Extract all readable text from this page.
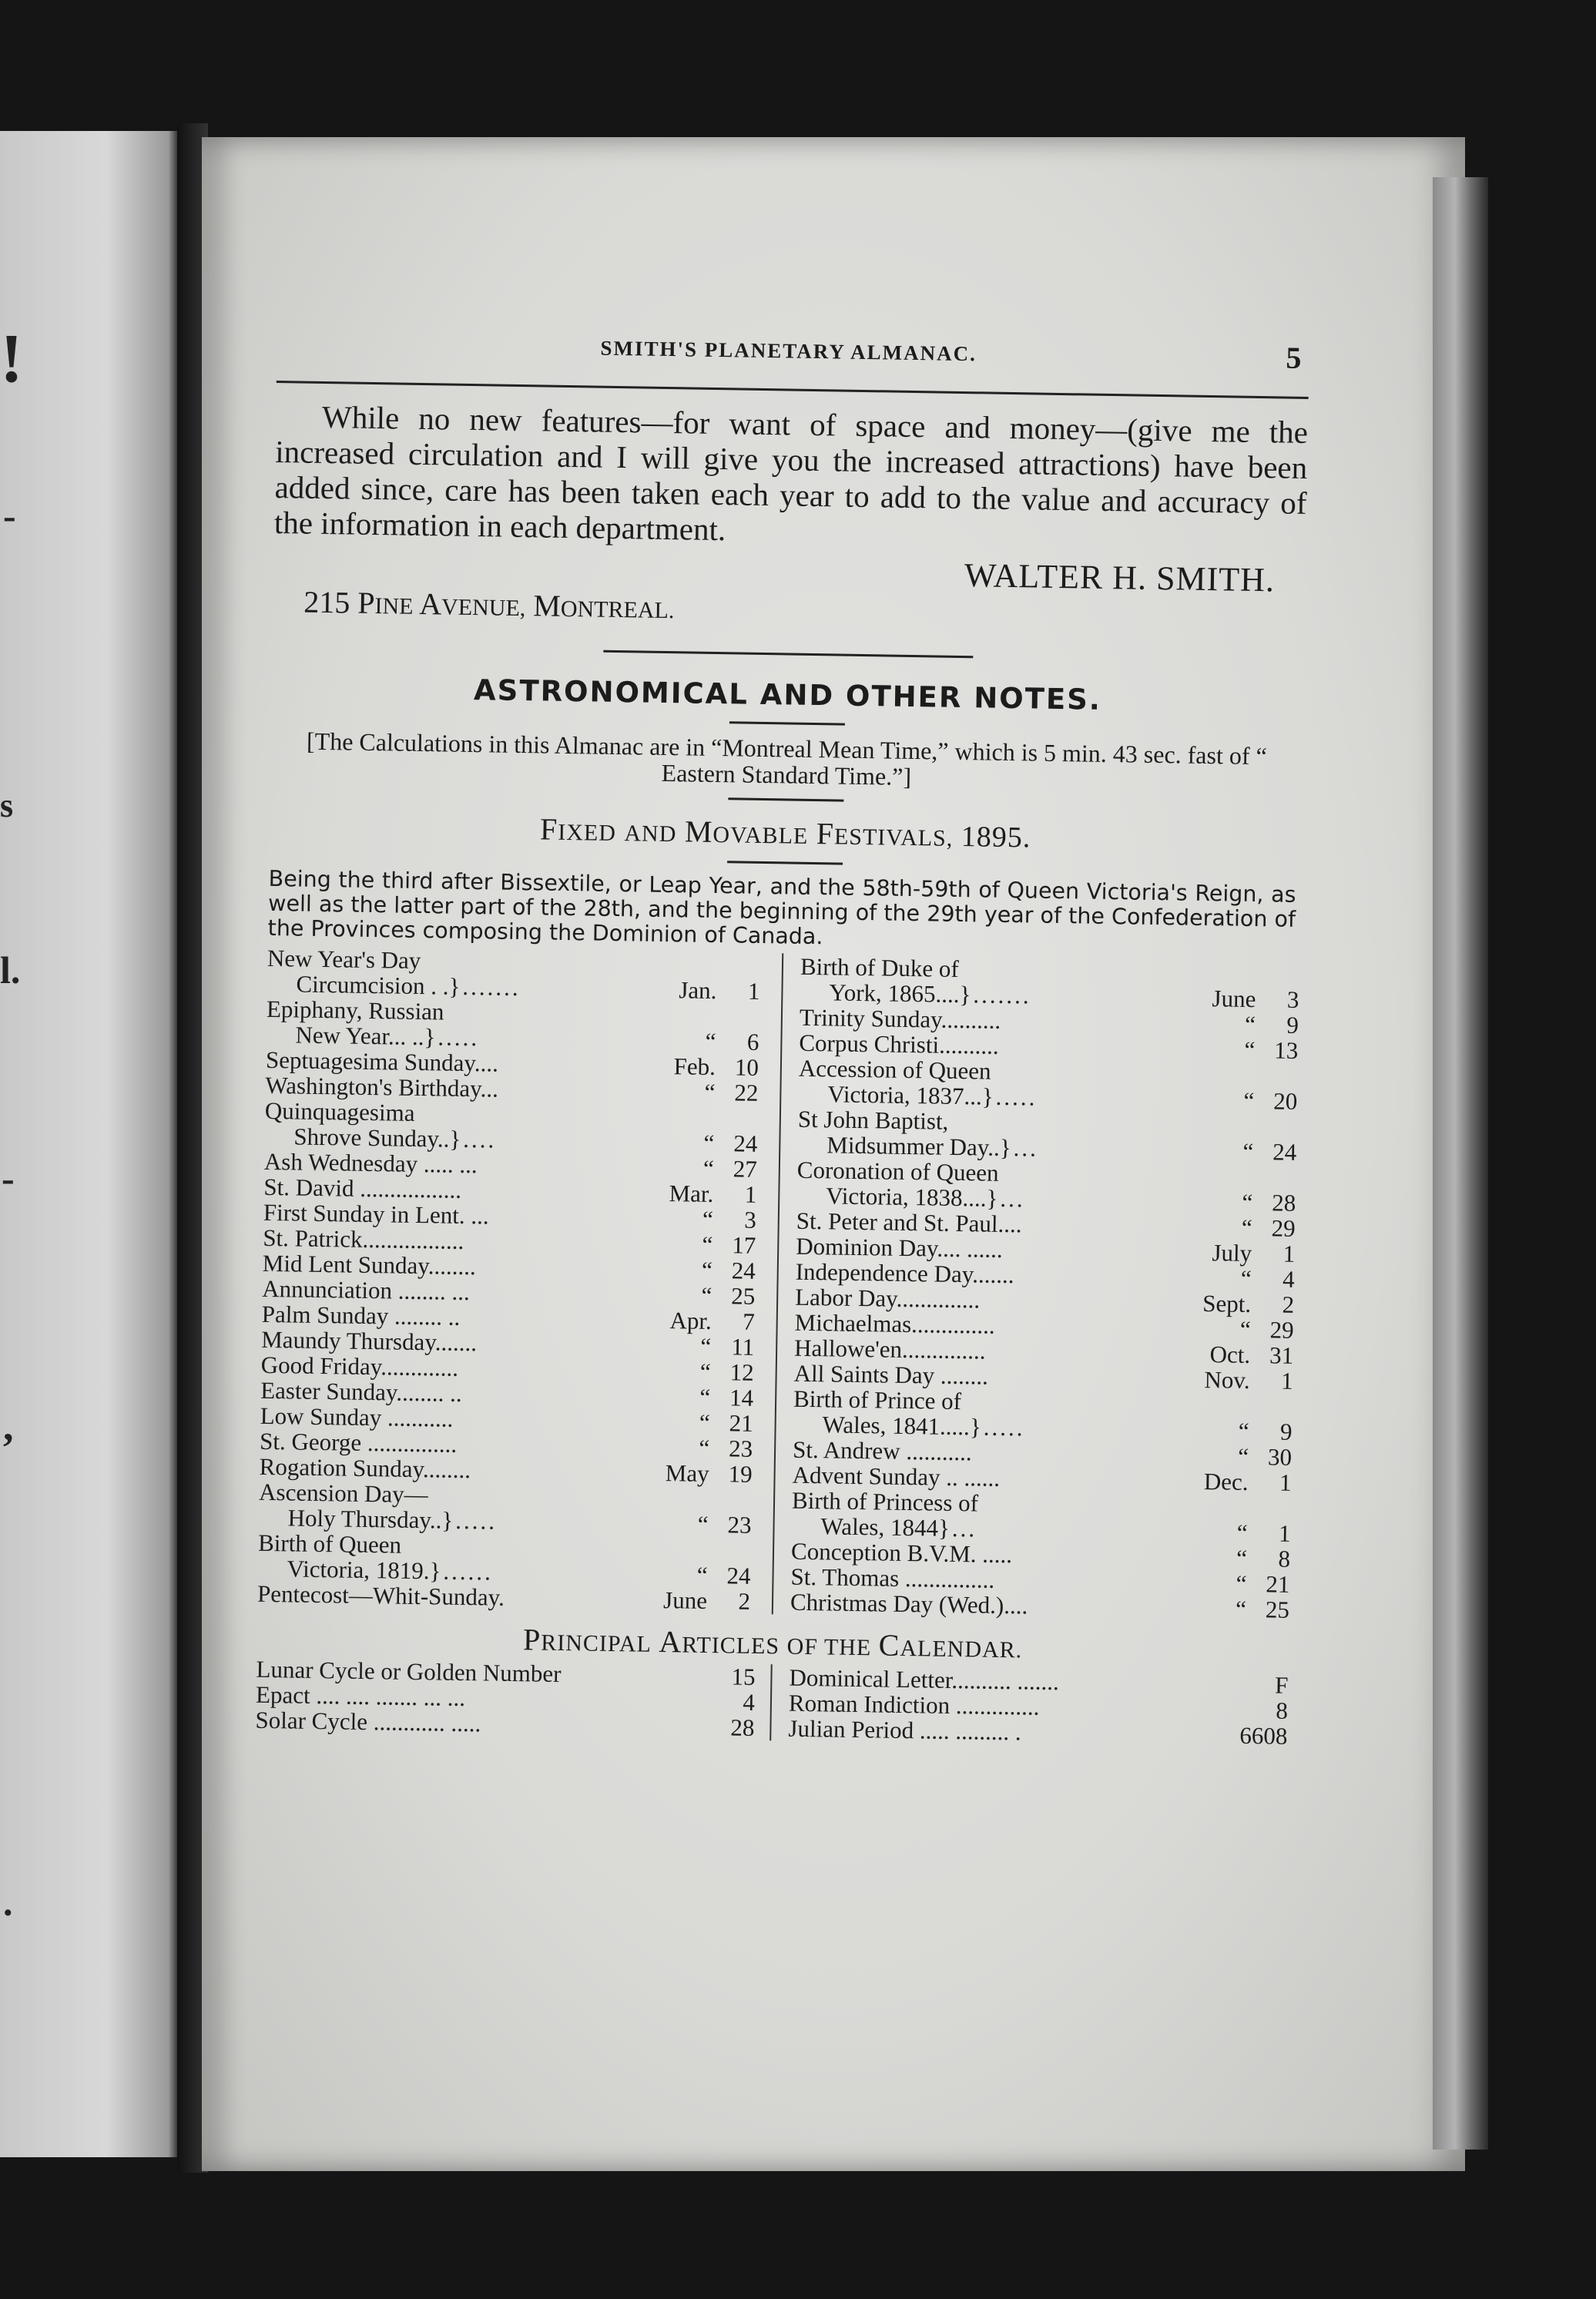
!
-
s
l.
-
,
.
SMITH'S PLANETARY ALMANAC.	5

While no new features—for want of space and money—(give me the increased circulation and I will give you the increased attractions) have been added since, care has been taken each year to add to the value and accuracy of the information in each department.

WALTER H. SMITH.
215 PINE AVENUE, MONTREAL.
ASTRONOMICAL AND OTHER NOTES.
[The Calculations in this Almanac are in “Montreal Mean Time,” which is 5 min. 43 sec. fast of “ Eastern Standard Time.”]
FIXED AND MOVABLE FESTIVALS, 1895.

Being the third after Bissextile, or Leap Year, and the 58th-59th of Queen Victoria's Reign, as well as the latter part of the 28th, and the beginning of the 29th year of the Confederation of the Provinces composing the Dominion of Canada.

New Year's Day
Circumcision . .}.......	Jan.	1
Epiphany, Russian
New Year... ..}.....	“	6
Septuagesima Sunday....	Feb. 10
Washington's Birthday...	“ 22
Quinquagesima
Shrove Sunday..}....	“ 24
Ash Wednesday ..... ...	“ 27
St. David .................	Mar.	1
First Sunday in Lent. ...	“	3
St. Patrick.................	“ 17
Mid Lent Sunday........	“ 24
Annunciation ........ ...	“ 25
Palm Sunday ........ ..	Apr.	7
Maundy Thursday.......	“ 11
Good Friday.............	“ 12
Easter Sunday........ ..	“ 14
Low Sunday ...........	“ 21
St. George ...............	“ 23
Rogation Sunday........	May 19
Ascension Day—
Holy Thursday..}.....	“ 23
Birth of Queen
Victoria, 1819.}......	“ 24
Pentecost—Whit-Sunday.	June	2
Birth of Duke of
York, 1865....}.......	June	3
Trinity Sunday..........	“	9
Corpus Christi..........	“ 13
Accession of Queen
Victoria, 1837...}.....	“ 20
St John Baptist,
Midsummer Day..}...	“ 24
Coronation of Queen
Victoria, 1838....}...	“ 28
St. Peter and St. Paul....	“ 29
Dominion Day.... ......	July	1
Independence Day.......	“	4
Labor Day..............	Sept.	2
Michaelmas..............	“ 29
Hallowe'en..............	Oct. 31
All Saints Day ........	Nov.	1
Birth of Prince of
Wales, 1841.....}.....	“	9
St. Andrew ...........	“ 30
Advent Sunday .. ......	Dec.	1
Birth of Princess of
Wales, 1844}...	“	1
Conception B.V.M. .....	“	8
St. Thomas ...............	“ 21
Christmas Day (Wed.)....	“ 25
PRINCIPAL ARTICLES OF THE CALENDAR.
Lunar Cycle or Golden Number	15
Epact .... .... ....... ... ...	4
Solar Cycle ............ .....	28
Dominical Letter.......... .......	F
Roman Indiction ..............	8
Julian Period ..... ......... .	6608
